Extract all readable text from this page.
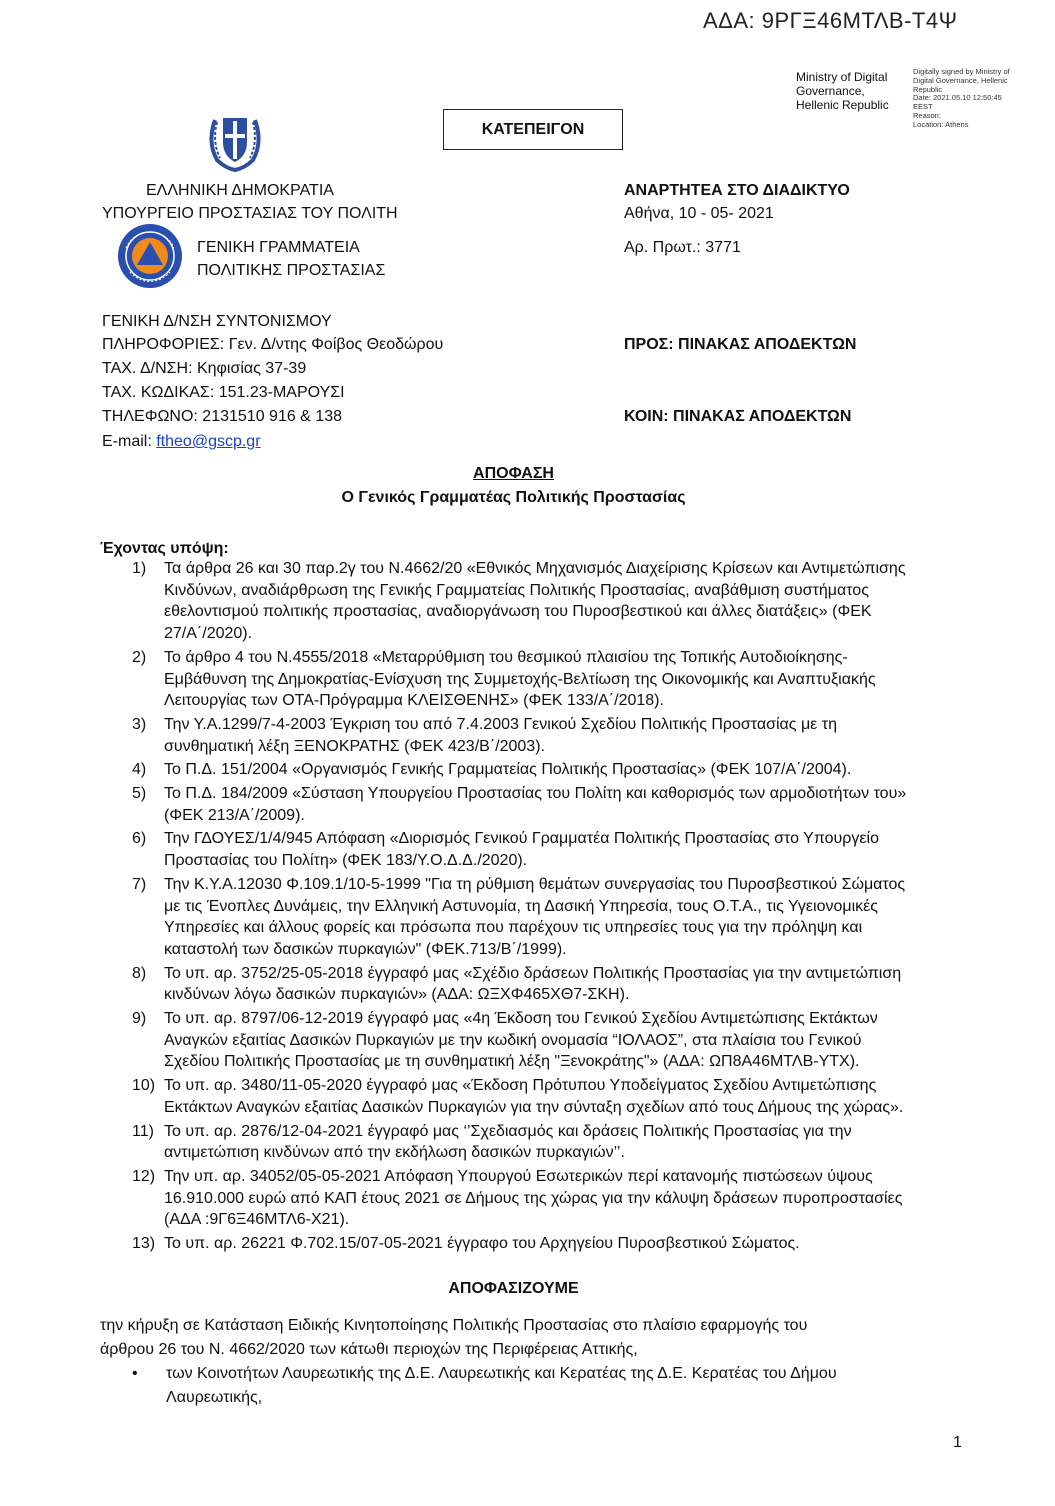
ΑΔΑ: 9ΡΓΞ46ΜΤΛΒ-Τ4Ψ
Ministry of Digital Governance, Hellenic Republic
Digitally signed by Ministry of
Digital Governance, Hellenic
Republic
Date: 2021.05.10 12:50:45
EEST
Reason:
Location: Athens
ΚΑΤΕΠΕΙΓΟΝ
ΕΛΛΗΝΙΚΗ ΔΗΜΟΚΡΑΤΙΑ
ΥΠΟΥΡΓΕΙΟ ΠΡΟΣΤΑΣΙΑΣ ΤΟΥ ΠΟΛΙΤΗ
ΓΕΝΙΚΗ ΓΡΑΜΜΑΤΕΙΑ
ΠΟΛΙΤΙΚΗΣ ΠΡΟΣΤΑΣΙΑΣ
ΑΝΑΡΤΗΤΕΑ ΣΤΟ ΔΙΑΔΙΚΤΥΟ
Αθήνα, 10 - 05- 2021
Αρ. Πρωτ.: 3771
ΓΕΝΙΚΗ Δ/ΝΣΗ ΣΥΝΤΟΝΙΣΜΟΥ
ΠΛΗΡΟΦΟΡΙΕΣ: Γεν. Δ/ντης Φοίβος Θεοδώρου
ΤΑΧ. Δ/ΝΣΗ: Κηφισίας 37-39
ΤΑΧ. ΚΩΔΙΚΑΣ: 151.23-ΜΑΡΟΥΣΙ
ΤΗΛΕΦΩΝΟ: 2131510 916 & 138
E-mail: ftheo@gscp.gr
ΠΡΟΣ: ΠΙΝΑΚΑΣ ΑΠΟΔΕΚΤΩΝ
ΚΟΙΝ: ΠΙΝΑΚΑΣ ΑΠΟΔΕΚΤΩΝ
ΑΠΟΦΑΣΗ
Ο Γενικός Γραμματέας Πολιτικής Προστασίας
Έχοντας υπόψη:
1)	Τα άρθρα 26 και 30 παρ.2γ του Ν.4662/20 «Εθνικός Μηχανισμός Διαχείρισης Κρίσεων και Αντιμετώπισης
Κινδύνων, αναδιάρθρωση της Γενικής Γραμματείας Πολιτικής Προστασίας, αναβάθμιση συστήματος
εθελοντισμού πολιτικής προστασίας, αναδιοργάνωση του Πυροσβεστικού και άλλες διατάξεις» (ΦΕΚ
27/Α΄/2020).
2)	Το άρθρο 4 του Ν.4555/2018 «Μεταρρύθμιση του θεσμικού πλαισίου της Τοπικής Αυτοδιοίκησης-
Εμβάθυνση της Δημοκρατίας-Ενίσχυση της Συμμετοχής-Βελτίωση της Οικονομικής και Αναπτυξιακής
Λειτουργίας των ΟΤΑ-Πρόγραμμα ΚΛΕΙΣΘΕΝΗΣ» (ΦΕΚ 133/Α΄/2018).
3)	Την Υ.Α.1299/7-4-2003 Έγκριση του από 7.4.2003 Γενικού Σχεδίου Πολιτικής Προστασίας με τη
συνθηματική λέξη ΞΕΝΟΚΡΑΤΗΣ (ΦΕΚ 423/Β΄/2003).
4)	Το Π.Δ. 151/2004 «Οργανισμός Γενικής Γραμματείας Πολιτικής Προστασίας» (ΦΕΚ 107/Α΄/2004).
5)	Το Π.Δ. 184/2009 «Σύσταση Υπουργείου Προστασίας του Πολίτη και καθορισμός των αρμοδιοτήτων του»
(ΦΕΚ 213/Α΄/2009).
6)	Την ΓΔΟΥΕΣ/1/4/945 Απόφαση «Διορισμός Γενικού Γραμματέα Πολιτικής Προστασίας στο Υπουργείο
Προστασίας του Πολίτη» (ΦΕΚ 183/Υ.Ο.Δ.Δ./2020).
7)	Την Κ.Υ.Α.12030 Φ.109.1/10-5-1999 "Για τη ρύθμιση θεμάτων συνεργασίας του Πυροσβεστικού Σώματος
με τις Ένοπλες Δυνάμεις, την Ελληνική Αστυνομία, τη Δασική Υπηρεσία, τους Ο.Τ.Α., τις Υγειονομικές
Υπηρεσίες και άλλους φορείς και πρόσωπα που παρέχουν τις υπηρεσίες τους για την πρόληψη και
καταστολή των δασικών πυρκαγιών" (ΦΕΚ.713/Β΄/1999).
8)	Το υπ. αρ. 3752/25-05-2018 έγγραφό μας «Σχέδιο δράσεων Πολιτικής Προστασίας για την αντιμετώπιση
κινδύνων λόγω δασικών πυρκαγιών» (ΑΔΑ: ΩΞΧΦ465ΧΘ7-ΣΚΗ).
9)	Το υπ. αρ. 8797/06-12-2019 έγγραφό μας «4η Έκδοση του Γενικού Σχεδίου Αντιμετώπισης Εκτάκτων
Αναγκών εξαιτίας Δασικών Πυρκαγιών με την κωδική ονομασία “ΙΟΛΑΟΣ”, στα πλαίσια του Γενικού
Σχεδίου Πολιτικής Προστασίας με τη συνθηματική λέξη "Ξενοκράτης"» (ΑΔΑ: ΩΠ8Α46ΜΤΛΒ-ΥΤΧ).
10) Το υπ. αρ. 3480/11-05-2020 έγγραφό μας «Έκδοση Πρότυπου Υποδείγματος Σχεδίου Αντιμετώπισης
Εκτάκτων Αναγκών εξαιτίας Δασικών Πυρκαγιών για την σύνταξη σχεδίων από τους Δήμους της χώρας».
11) Το υπ. αρ. 2876/12-04-2021 έγγραφό μας ‘’Σχεδιασμός και δράσεις Πολιτικής Προστασίας για την
αντιμετώπιση κινδύνων από την εκδήλωση δασικών πυρκαγιών’’.
12) Την υπ. αρ. 34052/05-05-2021 Απόφαση Υπουργού Εσωτερικών περί κατανομής πιστώσεων ύψους
16.910.000 ευρώ από ΚΑΠ έτους 2021 σε Δήμους της χώρας για την κάλυψη δράσεων πυροπροστασίες
(ΑΔΑ :9Γ6Ξ46ΜΤΛ6-Χ21).
13) Το υπ. αρ. 26221 Φ.702.15/07-05-2021 έγγραφο του Αρχηγείου Πυροσβεστικού Σώματος.
ΑΠΟΦΑΣΙΖΟΥΜΕ
την κήρυξη σε Κατάσταση Ειδικής Κινητοποίησης Πολιτικής Προστασίας στο πλαίσιο εφαρμογής του
άρθρου 26 του Ν. 4662/2020 των κάτωθι περιοχών της Περιφέρειας Αττικής,
•	των Κοινοτήτων Λαυρεωτικής της Δ.Ε. Λαυρεωτικής και Κερατέας της Δ.Ε. Κερατέας του Δήμου
Λαυρεωτικής,
1
